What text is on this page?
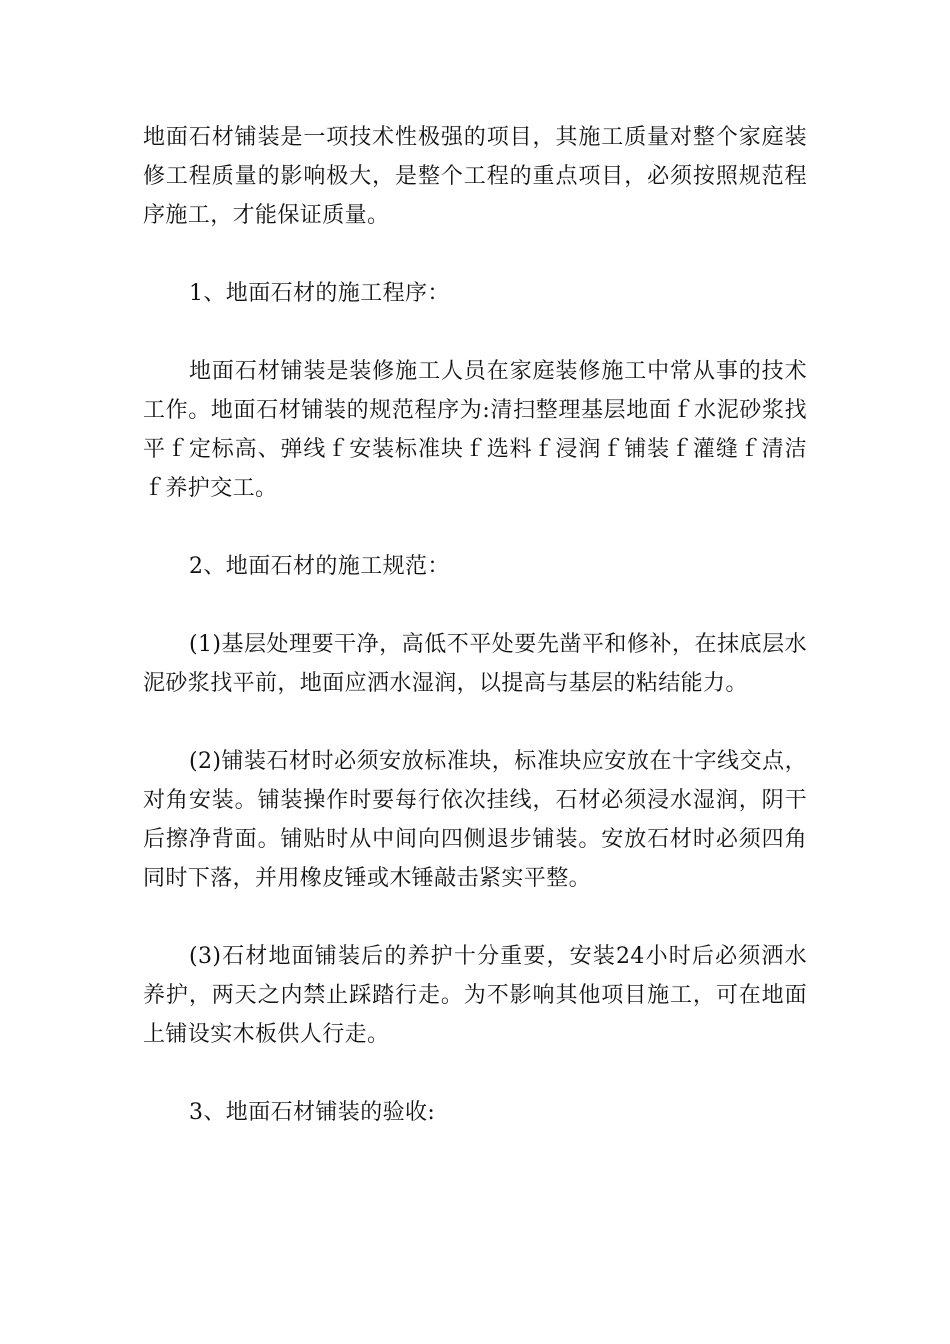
地面石材铺装是一项技术性极强的项目，其施工质量对整个家庭装修工程质量的影响极大，是整个工程的重点项目，必须按照规范程序施工，才能保证质量。

1、地面石材的施工程序：

地面石材铺装是装修施工人员在家庭装修施工中常从事的技术工作。地面石材铺装的规范程序为:清扫整理基层地面ｆ水泥砂浆找平ｆ定标高、弹线ｆ安装标准块ｆ选料ｆ浸润ｆ铺装ｆ灌缝ｆ清洁ｆ养护交工。

2、地面石材的施工规范：

(1)基层处理要干净，高低不平处要先凿平和修补，在抹底层水泥砂浆找平前，地面应洒水湿润，以提高与基层的粘结能力。

(2)铺装石材时必须安放标准块，标准块应安放在十字线交点，对角安装。铺装操作时要每行依次挂线，石材必须浸水湿润，阴干后擦净背面。铺贴时从中间向四侧退步铺装。安放石材时必须四角同时下落，并用橡皮锤或木锤敲击紧实平整。

(3)石材地面铺装后的养护十分重要，安装24小时后必须洒水养护，两天之内禁止踩踏行走。为不影响其他项目施工，可在地面上铺设实木板供人行走。

3、地面石材铺装的验收:
